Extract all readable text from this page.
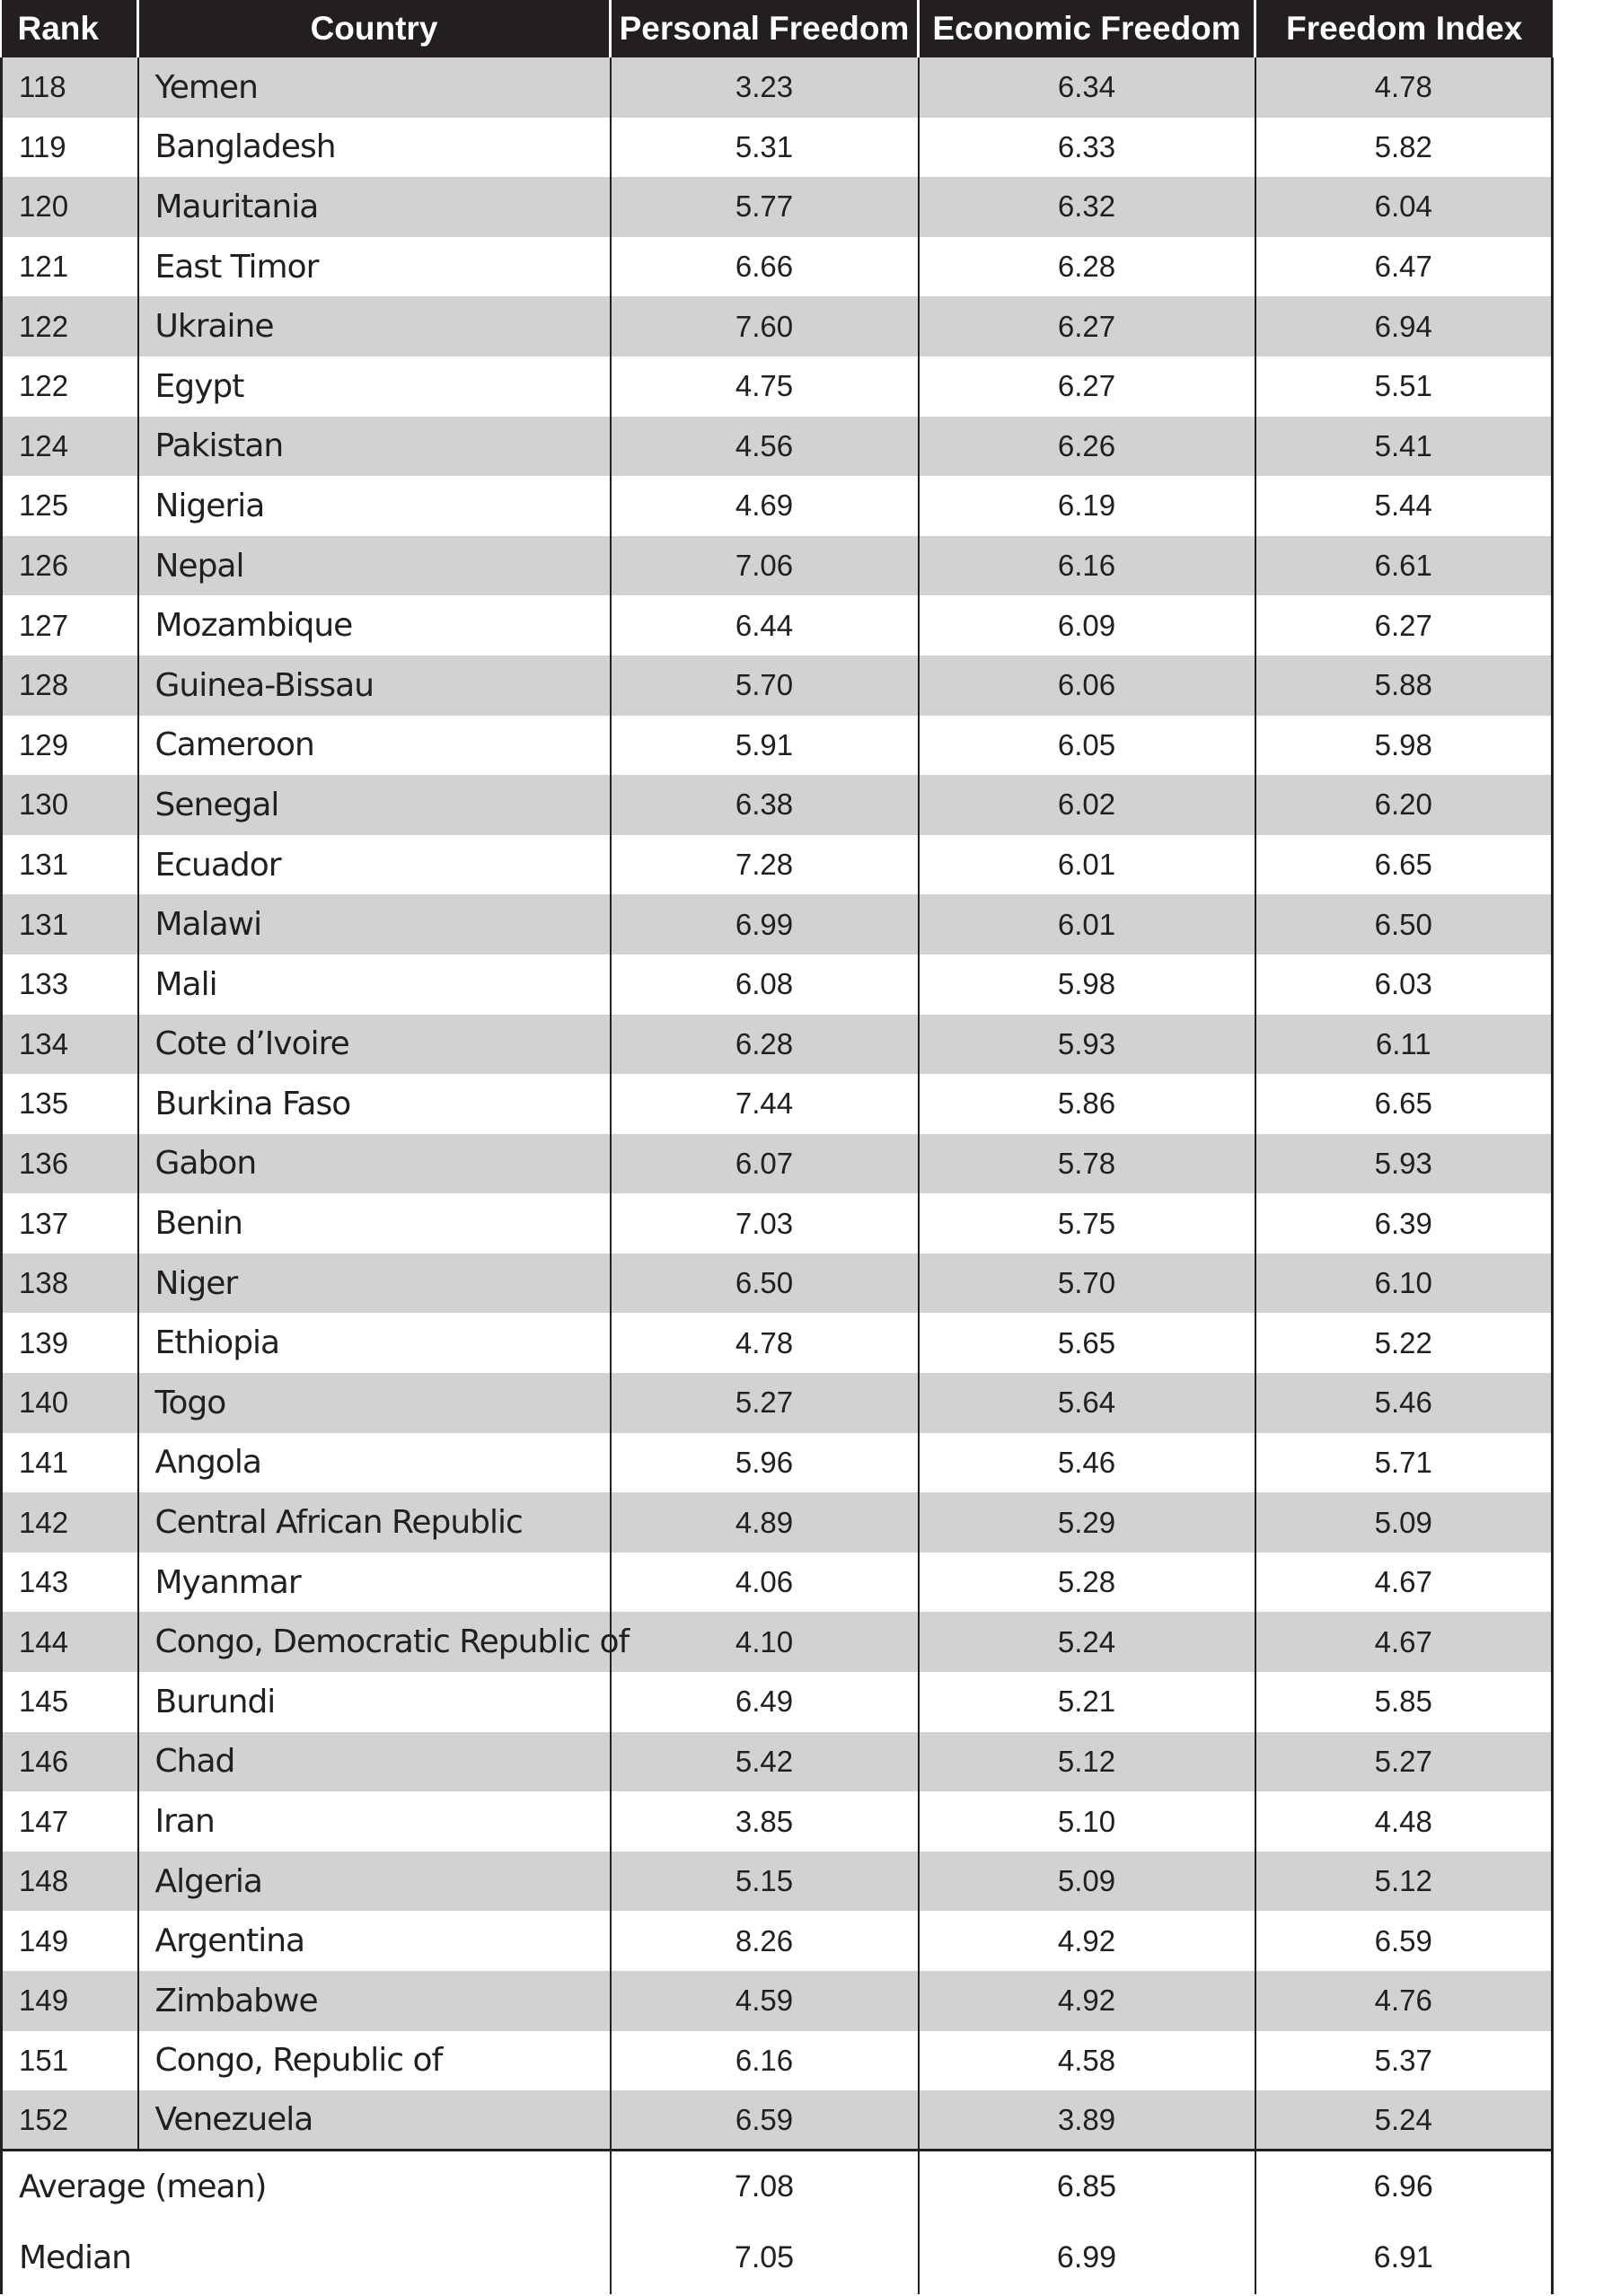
Rank	Country	Personal Freedom	Economic Freedom	Freedom Index
118	Yemen	3.23	6.34	4.78
119	Bangladesh	5.31	6.33	5.82
120	Mauritania	5.77	6.32	6.04
121	East Timor	6.66	6.28	6.47
122	Ukraine	7.60	6.27	6.94
122	Egypt	4.75	6.27	5.51
124	Pakistan	4.56	6.26	5.41
125	Nigeria	4.69	6.19	5.44
126	Nepal	7.06	6.16	6.61
127	Mozambique	6.44	6.09	6.27
128	Guinea-Bissau	5.70	6.06	5.88
129	Cameroon	5.91	6.05	5.98
130	Senegal	6.38	6.02	6.20
131	Ecuador	7.28	6.01	6.65
131	Malawi	6.99	6.01	6.50
133	Mali	6.08	5.98	6.03
134	Cote d’Ivoire	6.28	5.93	6.11
135	Burkina Faso	7.44	5.86	6.65
136	Gabon	6.07	5.78	5.93
137	Benin	7.03	5.75	6.39
138	Niger	6.50	5.70	6.10
139	Ethiopia	4.78	5.65	5.22
140	Togo	5.27	5.64	5.46
141	Angola	5.96	5.46	5.71
142	Central African Republic	4.89	5.29	5.09
143	Myanmar	4.06	5.28	4.67
144	Congo, Democratic Republic of	4.10	5.24	4.67
145	Burundi	6.49	5.21	5.85
146	Chad	5.42	5.12	5.27
147	Iran	3.85	5.10	4.48
148	Algeria	5.15	5.09	5.12
149	Argentina	8.26	4.92	6.59
149	Zimbabwe	4.59	4.92	4.76
151	Congo, Republic of	6.16	4.58	5.37
152	Venezuela	6.59	3.89	5.24
Average (mean)		7.08	6.85	6.96
Median		7.05	6.99	6.91
